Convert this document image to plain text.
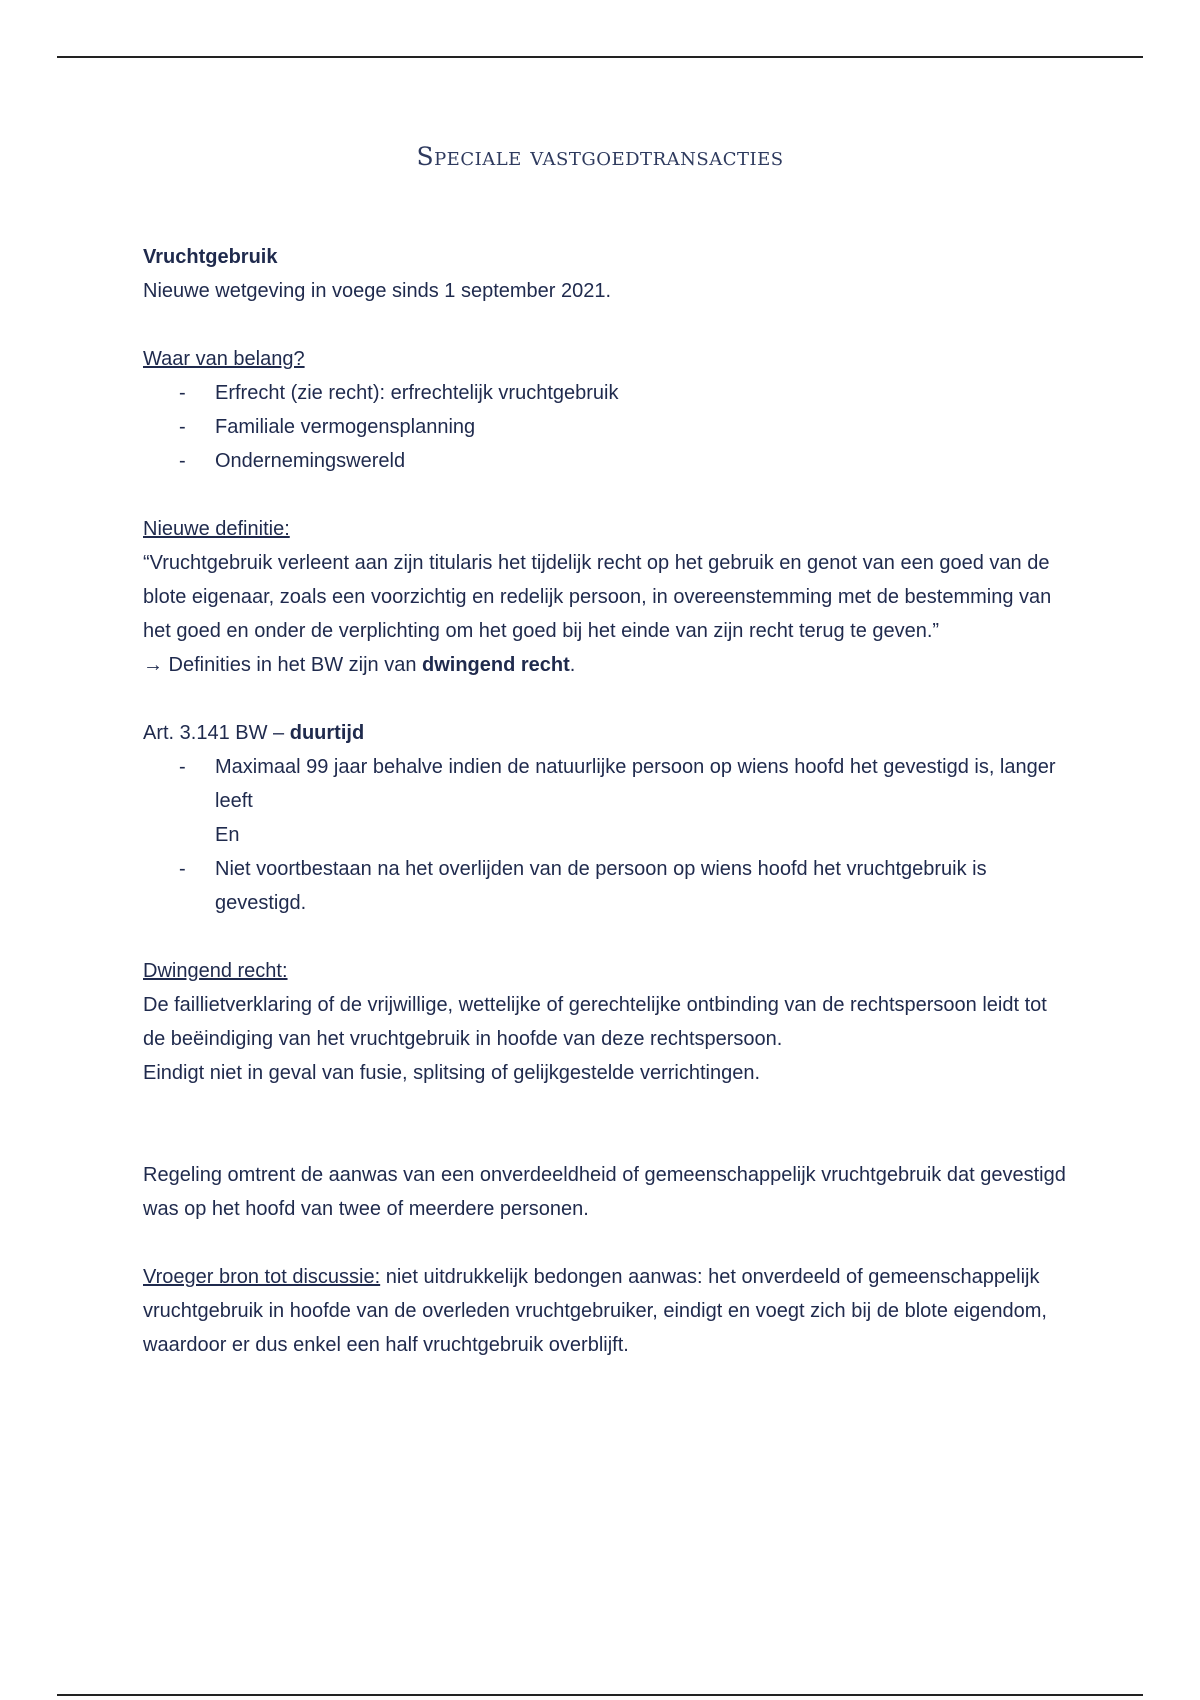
Speciale vastgoedtransacties

Vruchtgebruik

Nieuwe wetgeving in voege sinds 1 september 2021.

Waar van belang?

- Erfrecht (zie recht): erfrechtelijk vruchtgebruik
- Familiale vermogensplanning
- Ondernemingswereld

Nieuwe definitie:

“Vruchtgebruik verleent aan zijn titularis het tijdelijk recht op het gebruik en genot van een goed van de blote eigenaar, zoals een voorzichtig en redelijk persoon, in overeenstemming met de bestemming van het goed en onder de verplichting om het goed bij het einde van zijn recht terug te geven.”

→ Definities in het BW zijn van dwingend recht.

Art. 3.141 BW – duurtijd

- Maximaal 99 jaar behalve indien de natuurlijke persoon op wiens hoofd het gevestigd is, langer leeft

En

- Niet voortbestaan na het overlijden van de persoon op wiens hoofd het vruchtgebruik is gevestigd.

Dwingend recht:

De faillietverklaring of de vrijwillige, wettelijke of gerechtelijke ontbinding van de rechtspersoon leidt tot de beëindiging van het vruchtgebruik in hoofde van deze rechtspersoon.

Eindigt niet in geval van fusie, splitsing of gelijkgestelde verrichtingen.

Regeling omtrent de aanwas van een onverdeeldheid of gemeenschappelijk vruchtgebruik dat gevestigd was op het hoofd van twee of meerdere personen.

Vroeger bron tot discussie: niet uitdrukkelijk bedongen aanwas: het onverdeeld of gemeenschappelijk vruchtgebruik in hoofde van de overleden vruchtgebruiker, eindigt en voegt zich bij de blote eigendom, waardoor er dus enkel een half vruchtgebruik overblijft.
